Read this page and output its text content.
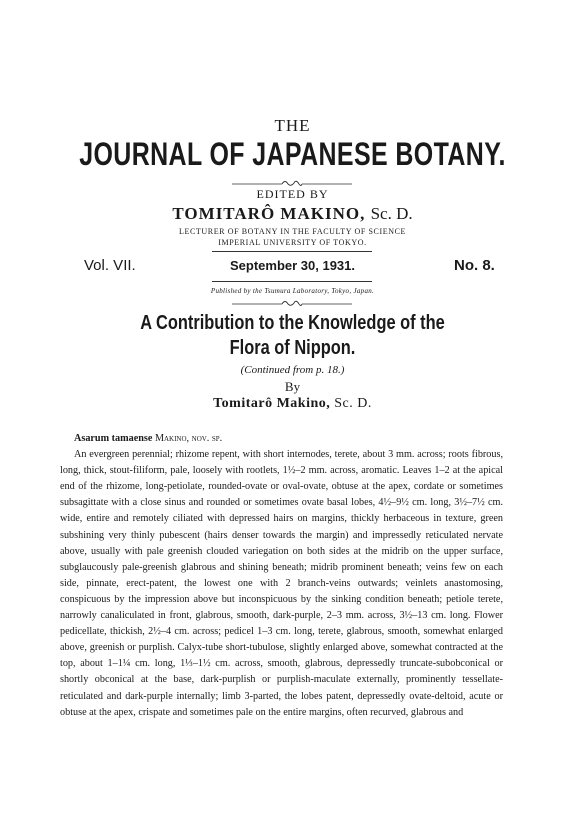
THE
JOURNAL OF JAPANESE BOTANY.
EDITED BY
TOMITARÔ MAKINO, Sc. D.
LECTURER OF BOTANY IN THE FACULTY OF SCIENCE
IMPERIAL UNIVERSITY OF TOKYO.
Vol. VII.	September 30, 1931.	No. 8.
Published by the Tsumura Laboratory, Tokyo, Japan.
A Contribution to the Knowledge of the
Flora of Nippon.
(Continued from p. 18.)
By
Tomitarô Makino, Sc. D.

Asarum tamaense Makino, nov. sp.

An evergreen perennial; rhizome repent, with short internodes, terete, about 3 mm. across; roots fibrous, long, thick, stout-filiform, pale, loosely with rootlets, 1½–2 mm. across, aromatic. Leaves 1–2 at the apical end of the rhizome, long-petiolate, rounded-ovate or oval-ovate, obtuse at the apex, cordate or sometimes subsagittate with a close sinus and rounded or sometimes ovate basal lobes, 4½–9½ cm. long, 3½–7½ cm. wide, entire and remotely ciliated with depressed hairs on margins, thickly herbaceous in texture, green subshining very thinly pubescent (hairs denser towards the margin) and impressedly reticulated nervate above, usually with pale greenish clouded variegation on both sides at the midrib on the upper surface, subglaucously pale-greenish glabrous and shining beneath; midrib prominent beneath; veins few on each side, pinnate, erect-patent, the lowest one with 2 branch-veins outwards; veinlets anastomosing, conspicuous by the impression above but inconspicuous by the sinking condition beneath; petiole terete, narrowly canaliculated in front, glabrous, smooth, dark-purple, 2–3 mm. across, 3½–13 cm. long. Flower pedicellate, thickish, 2½–4 cm. across; pedicel 1–3 cm. long, terete, glabrous, smooth, somewhat enlarged above, greenish or purplish. Calyx-tube short-tubulose, slightly enlarged above, somewhat contracted at the top, about 1–1¼ cm. long, 1⅓–1½ cm. across, smooth, glabrous, depressedly truncate-subobconical or shortly obconical at the base, dark-purplish or purplish-maculate externally, prominently tessellate-reticulated and dark-purple internally; limb 3-parted, the lobes patent, depressedly ovate-deltoid, acute or obtuse at the apex, crispate and sometimes pale on the entire margins, often recurved, glabrous and
